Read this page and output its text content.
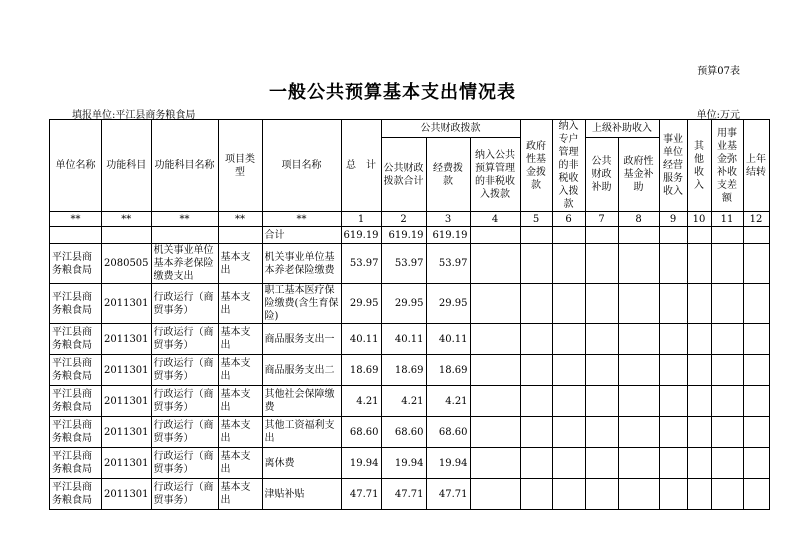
预算07表
一般公共预算基本支出情况表
填报单位:平江县商务粮食局	单位:万元
单位名称	功能科目	功能科目名称	项目类型	项目名称	总　计	公共财政拨款			政府性基金拨款	纳入专户管理的非税收入拨款	上级补助收入		事业单位经营服务收入	其他收入	用事业基金弥补收支差额	上年结转
						公共财政拨款合计	经费拨款	纳入公共预算管理的非税收入拨款			公共财政补助	政府性基金补助				
**	**	**	**	**	1	2	3	4	5	6	7	8	9	10	11	12
				合计	619.19	619.19	619.19									
平江县商务粮食局	2080505	机关事业单位基本养老保险缴费支出	基本支出	机关事业单位基本养老保险缴费	53.97	53.97	53.97									
平江县商务粮食局	2011301	行政运行（商贸事务）	基本支出	职工基本医疗保险缴费(含生育保险)	29.95	29.95	29.95									
平江县商务粮食局	2011301	行政运行（商贸事务）	基本支出	商品服务支出一	40.11	40.11	40.11									
平江县商务粮食局	2011301	行政运行（商贸事务）	基本支出	商品服务支出二	18.69	18.69	18.69									
平江县商务粮食局	2011301	行政运行（商贸事务）	基本支出	其他社会保障缴费	4.21	4.21	4.21									
平江县商务粮食局	2011301	行政运行（商贸事务）	基本支出	其他工资福利支出	68.60	68.60	68.60									
平江县商务粮食局	2011301	行政运行（商贸事务）	基本支出	离休费	19.94	19.94	19.94									
平江县商务粮食局	2011301	行政运行（商贸事务）	基本支出	津贴补贴	47.71	47.71	47.71									
